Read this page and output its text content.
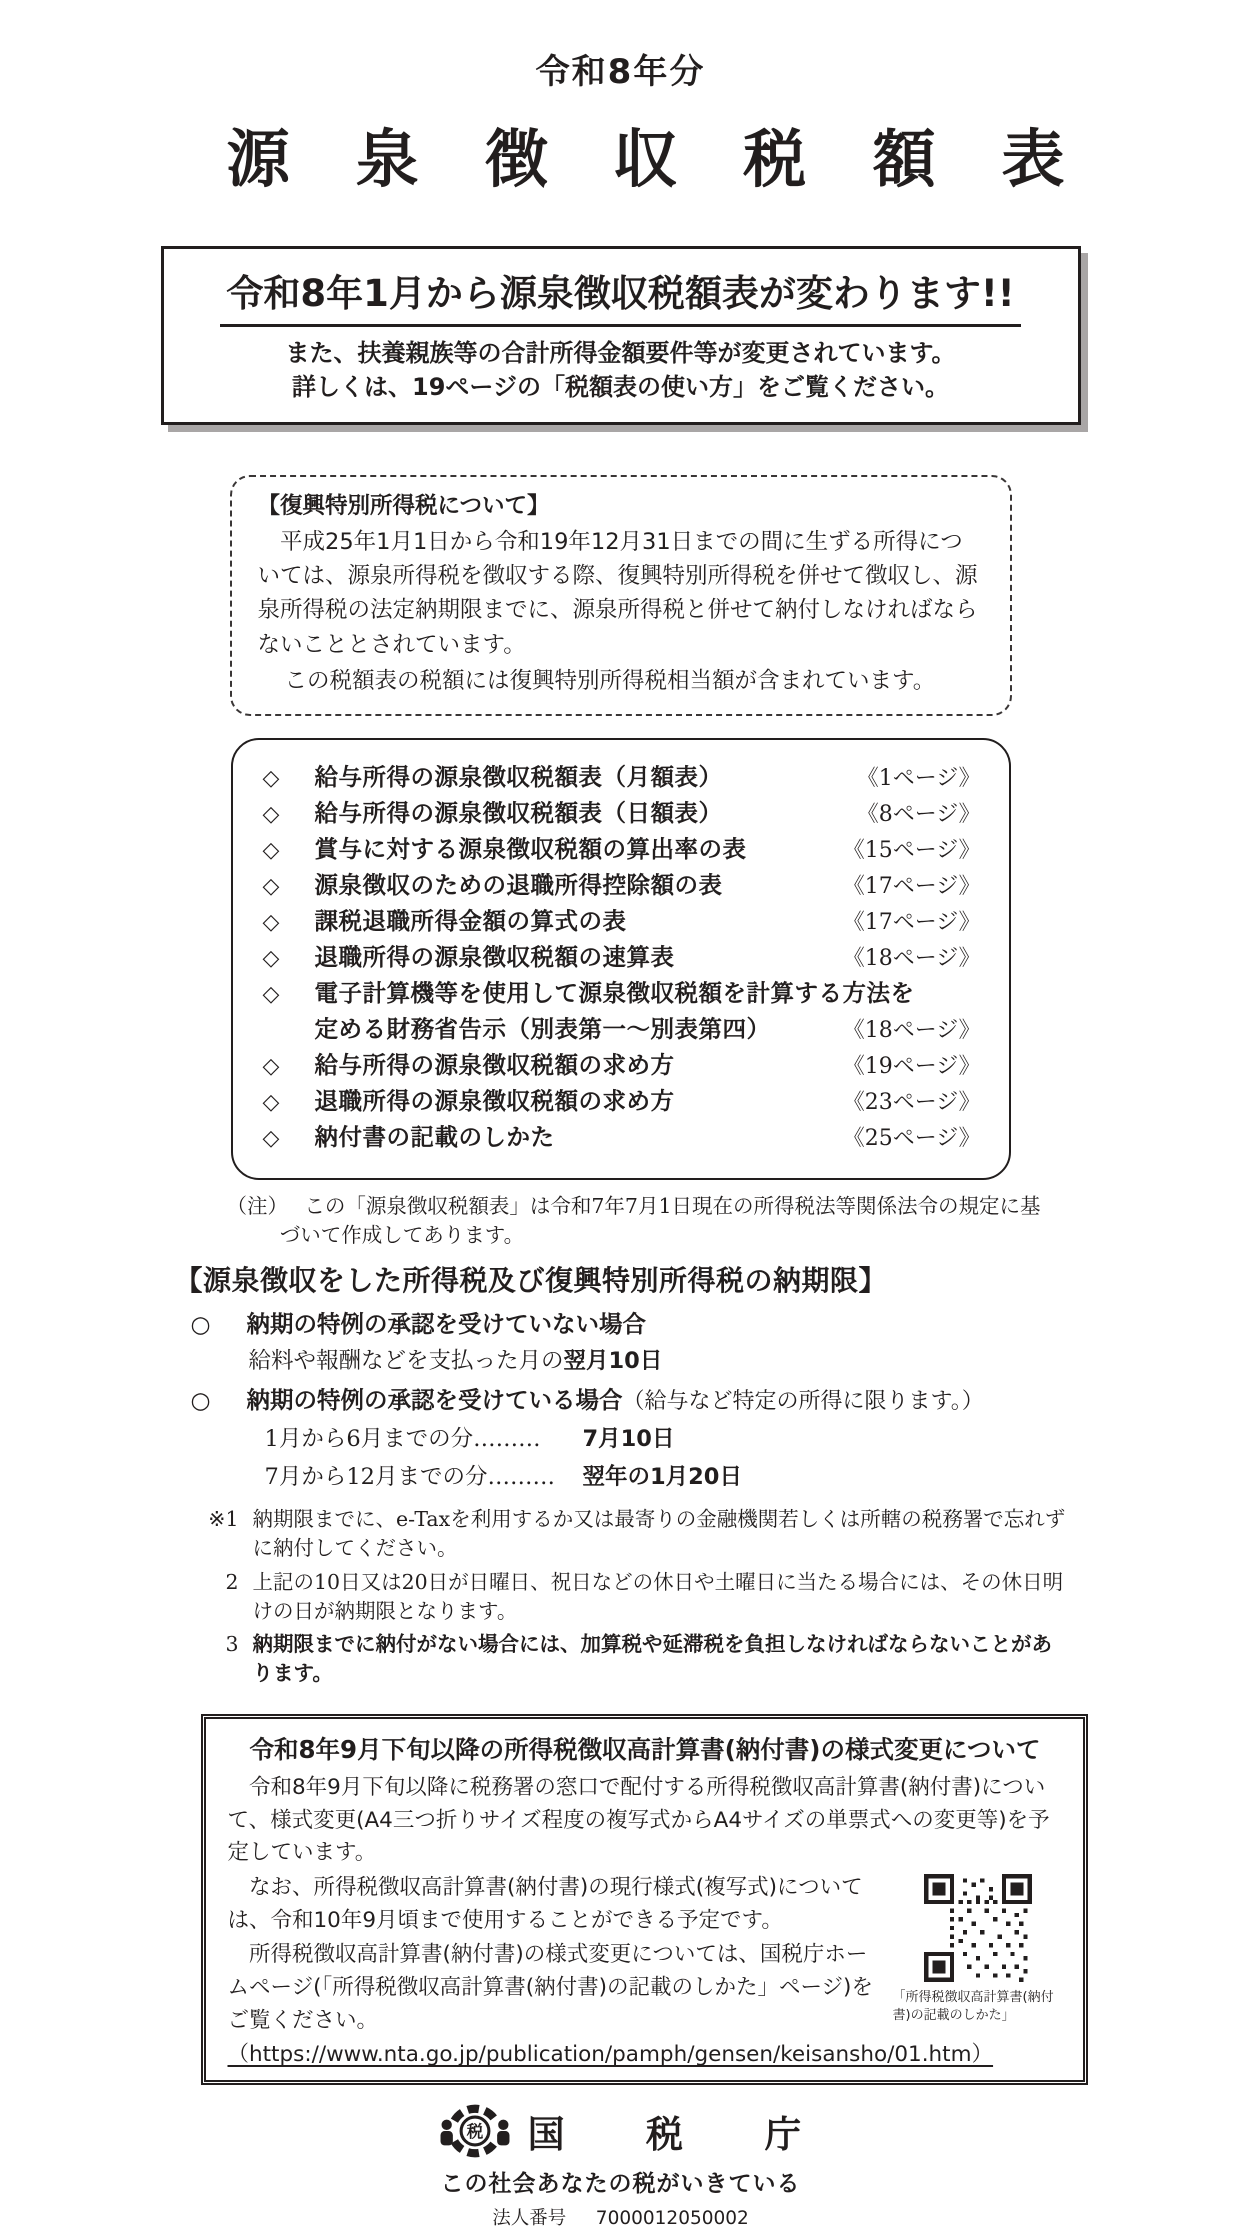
令和8年分
源泉徴収税額表
令和8年1月から源泉徴収税額表が変わります!!
また、扶養親族等の合計所得金額要件等が変更されています。
詳しくは、19ページの「税額表の使い方」をご覧ください。
【復興特別所得税について】

　平成25年1月1日から令和19年12月31日までの間に生ずる所得については、源泉所得税を徴収する際、復興特別所得税を併せて徴収し、源泉所得税の法定納期限までに、源泉所得税と併せて納付しなければならないこととされています。

この税額表の税額には復興特別所得税相当額が含まれています。

◇	給与所得の源泉徴収税額表（月額表）	《1ページ》
◇	給与所得の源泉徴収税額表（日額表）	《8ページ》
◇	賞与に対する源泉徴収税額の算出率の表	《15ページ》
◇	源泉徴収のための退職所得控除額の表	《17ページ》
◇	課税退職所得金額の算式の表	《17ページ》
◇	退職所得の源泉徴収税額の速算表	《18ページ》
◇	電子計算機等を使用して源泉徴収税額を計算する方法を
定める財務省告示（別表第一～別表第四）	《18ページ》
◇	給与所得の源泉徴収税額の求め方	《19ページ》
◇	退職所得の源泉徴収税額の求め方	《23ページ》
◇	納付書の記載のしかた	《25ページ》
（注） この「源泉徴収税額表」は令和7年7月1日現在の所得税法等関係法令の規定に基づいて作成してあります。
【源泉徴収をした所得税及び復興特別所得税の納期限】
○	納期の特例の承認を受けていない場合
給料や報酬などを支払った月の翌月10日
○	納期の特例の承認を受けている場合（給与など特定の所得に限ります。）
1月から6月までの分……… 7月10日
7月から12月までの分……… 翌年の1月20日
※1 納期限までに、e-Taxを利用するか又は最寄りの金融機関若しくは所轄の税務署で忘れずに納付してください。
2 上記の10日又は20日が日曜日、祝日などの休日や土曜日に当たる場合には、その休日明けの日が納期限となります。
3 納期限までに納付がない場合には、加算税や延滞税を負担しなければならないことがあります。
令和8年9月下旬以降の所得税徴収高計算書(納付書)の様式変更について

　令和8年9月下旬以降に税務署の窓口で配付する所得税徴収高計算書(納付書)について、様式変更(A4三つ折りサイズ程度の複写式からA4サイズの単票式への変更等)を予定しています。

「所得税徴収高計算書(納付書)の記載のしかた」

　なお、所得税徴収高計算書(納付書)の現行様式(複写式)については、令和10年9月頃まで使用することができる予定です。

　所得税徴収高計算書(納付書)の様式変更については、国税庁ホームページ(「所得税徴収高計算書(納付書)の記載のしかた」ページ)をご覧ください。

（https://www.nta.go.jp/publication/pamph/gensen/keisansho/01.htm）

税 国税庁
この社会あなたの税がいきている
法人番号 7000012050002
